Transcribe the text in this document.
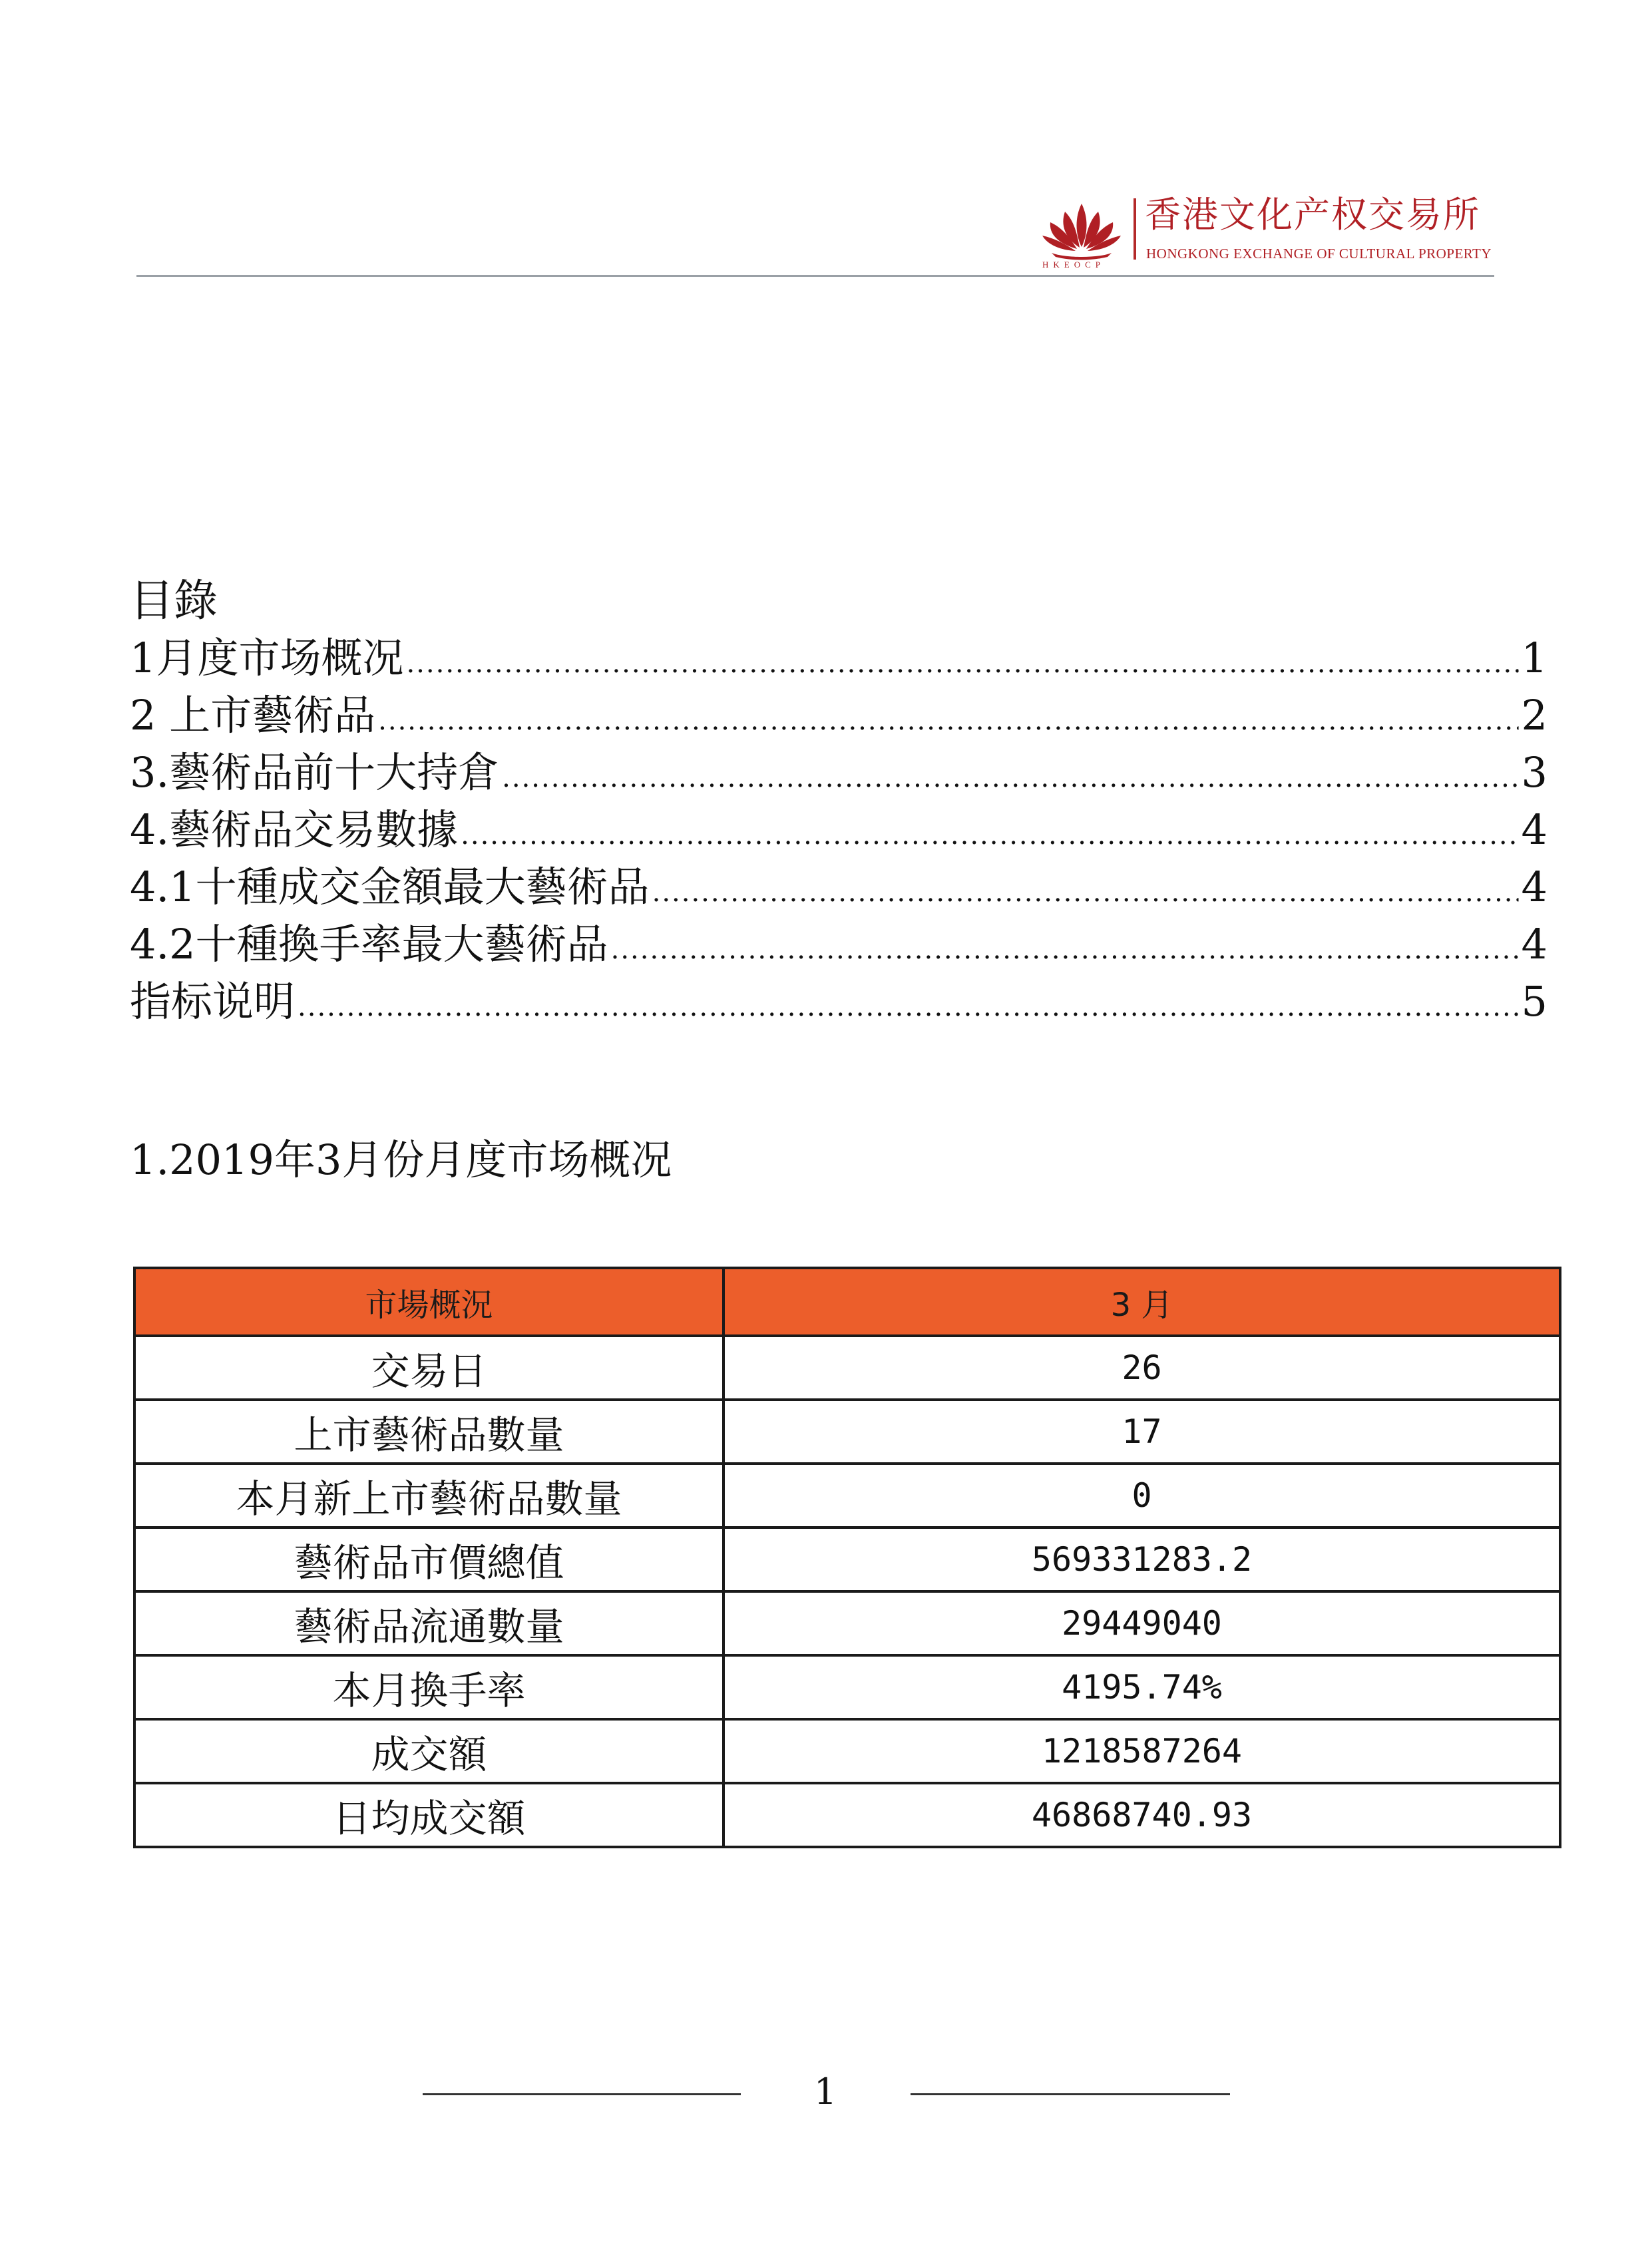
香港文化产权交易所
HONGKONG EXCHANGE OF CULTURAL PROPERTY
HKEOCP
目錄
1月度市场概况 .....	1
2 上市藝術品 .....	2
3.藝術品前十大持倉 .....	3
4.藝術品交易數據 .....	4
4.1十種成交金額最大藝術品 .....	4
4.2十種換手率最大藝術品 .....	4
指标说明 .....	5
1.2019年3月份月度市场概况
市場概況	3 月
交易日	26
上市藝術品數量	17
本月新上市藝術品數量	0
藝術品市價總值	569331283.2
藝術品流通數量	29449040
本月換手率	4195.74%
成交額	1218587264
日均成交額	46868740.93
1
